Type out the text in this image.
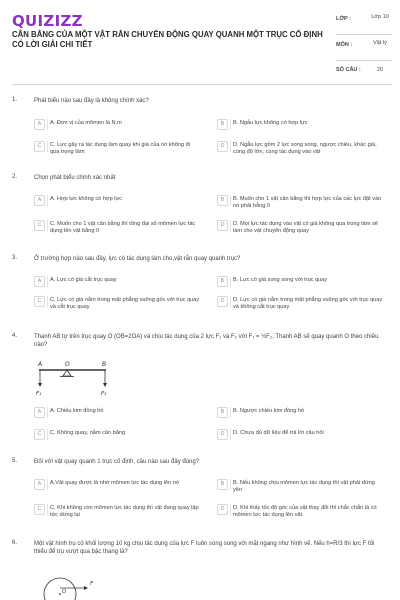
QUIZIZZ
CÂN BẰNG CỦA MỘT VẬT RẮN CHUYỂN ĐỘNG QUAY QUANH MỘT TRỤC CỐ ĐỊNH CÓ LỜI GIẢI CHI TIẾT
LỚP :	Lớp 10
MÔN :	Vật lý
SỐ CÂU :	20
1.	Phát biểu nào sau đây là không chính xác?
A	A. Đơn vị của mômen là N.m	B	B. Ngẫu lực không có hợp lực
C	C. Lực gây ra tác dụng làm quay khi giá của nó không đi qua trọng tâm
D	D. Ngẫu lực gồm 2 lực song song, ngược chiều, khác giá, cùng độ lớn, cùng tác dụng vào vật
2.	Chọn phát biểu chính xác nhất
A	A. Hợp lực không có hợp lực	B	B. Muốn cho 1 vật cân bằng thì hợp lực của các lực đặt vào nó phải bằng 0
C	C. Muốn cho 1 vật cân bằng thì tổng đại số mômen lực tác dụng lên vật bằng 0
D	D. Mọi lực tác dụng vào vật có giá không qua trọng tâm sẽ làm cho vật chuyển động quay
3.	Ở trường hợp nào sau đây, lực có tác dụng làm cho,vật rắn quay quanh trục?
A	A. Lực có giá cắt trục quay	B	B. Lực có giá song song với trục quay
C	C. Lực có giá nằm trong mặt phẳng vuông góc với trục quay và cắt trục quay
D	D. Lực có giá nằm trong mặt phẳng vuông góc với trục quay và không cắt trục quay
4.	Thanh AB tự trên trục quay O (OB=2OA) và chịu tác dụng của 2 lực F₁ và F₂ với F₁ = ½F₂. Thanh AB sẽ quay quanh O theo chiều nào?
A	O	B
F₁	F₂
A	A. Chiều kim đồng hồ	B	B. Ngược chiều kim đồng hồ
C	C. Không quay, nằm cân bằng	D	D. Chưa đủ dữ liệu để trả lời câu hỏi
5.	Đối với vật quay quanh 1 trục cố định, câu nào sau đây đúng?
A	A.Vật quay được là nhờ mômen lực tác dụng lên nó	B	B. Nếu không chịu mômen lực tác dụng thì vật phải đứng yên
C	C. Khi không còn mômen lực tác dụng thì vật đang quay lập tức dừng lại
D	D. Khi thấy tốc độ góc của vật thay đổi thì chắc chắn là có mômen lực tác dụng lên vật.
6.	Một vật hình trụ có khối lượng 10 kg chịu tác dụng của lực F luôn song song với mặt ngang như hình vẽ. Nếu h=R/3 thì lực F tối thiểu để trụ vượt qua bậc thang là?
O
F
